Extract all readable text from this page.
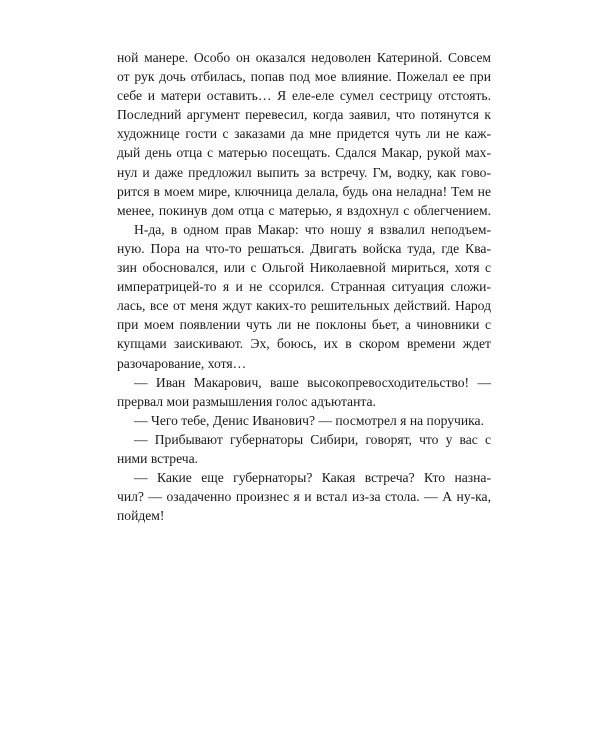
ной манере. Особо он оказался недоволен Катериной. Совсем
от рук дочь отбилась, попав под мое влияние. Пожелал ее при
себе и матери оставить… Я еле-еле сумел сестрицу отстоять.
Последний аргумент перевесил, когда заявил, что потянутся к
художнице гости с заказами да мне придется чуть ли не каж-
дый день отца с матерью посещать. Сдался Макар, рукой мах-
нул и даже предложил выпить за встречу. Гм, водку, как гово-
рится в моем мире, ключница делала, будь она неладна! Тем не
менее, покинув дом отца с матерью, я вздохнул с облегчением.
Н-да, в одном прав Макар: что ношу я взвалил неподъем-
ную. Пора на что-то решаться. Двигать войска туда, где Ква-
зин обосновался, или с Ольгой Николаевной мириться, хотя с
императрицей-то я и не ссорился. Странная ситуация сложи-
лась, все от меня ждут каких-то решительных действий. Народ
при моем появлении чуть ли не поклоны бьет, а чиновники с
купцами заискивают. Эх, боюсь, их в скором времени ждет
разочарование, хотя…
— Иван Макарович, ваше высокопревосходительство! —
прервал мои размышления голос адъютанта.
— Чего тебе, Денис Иванович? — посмотрел я на поручика.
— Прибывают губернаторы Сибири, говорят, что у вас с
ними встреча.
— Какие еще губернаторы? Какая встреча? Кто назна-
чил? — озадаченно произнес я и встал из-за стола. — А ну-ка,
пойдем!
